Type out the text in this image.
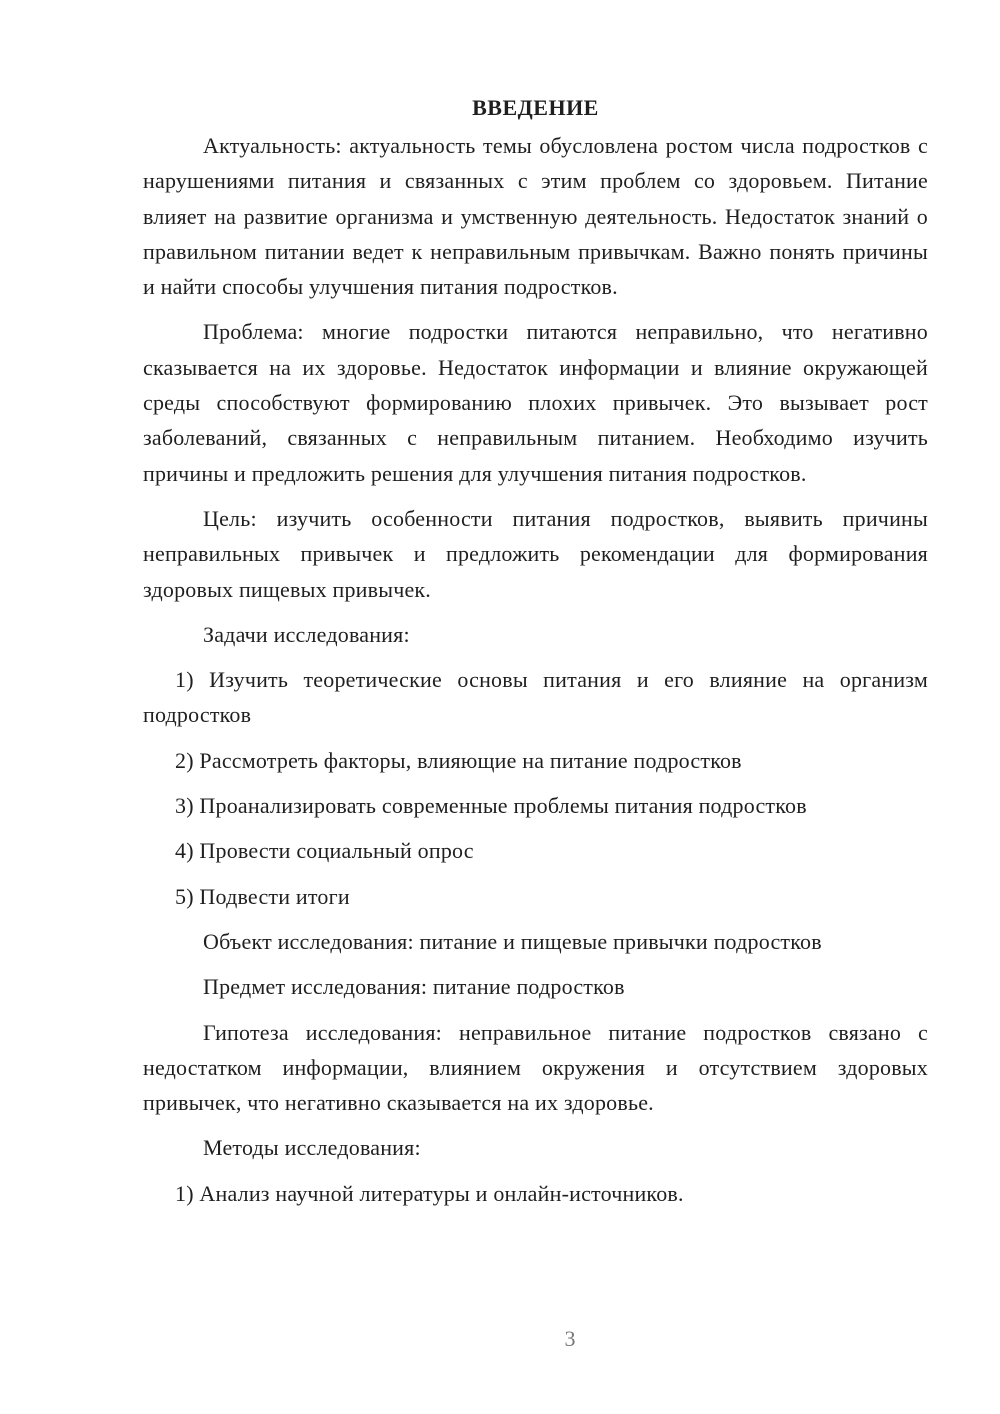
ВВЕДЕНИЕ

Актуальность: актуальность темы обусловлена ростом числа подростков с нарушениями питания и связанных с этим проблем со здоровьем. Питание влияет на развитие организма и умственную деятельность. Недостаток знаний о правильном питании ведет к неправильным привычкам. Важно понять причины и найти способы улучшения питания подростков.

Проблема: многие подростки питаются неправильно, что негативно сказывается на их здоровье. Недостаток информации и влияние окружающей среды способствуют формированию плохих привычек. Это вызывает рост заболеваний, связанных с неправильным питанием. Необходимо изучить причины и предложить решения для улучшения питания подростков.

Цель: изучить особенности питания подростков, выявить причины неправильных привычек и предложить рекомендации для формирования здоровых пищевых привычек.

Задачи исследования:

1) Изучить теоретические основы питания и его влияние на организм подростков

2) Рассмотреть факторы, влияющие на питание подростков

3) Проанализировать современные проблемы питания подростков

4) Провести социальный опрос

5) Подвести итоги

Объект исследования: питание и пищевые привычки подростков

Предмет исследования: питание подростков

Гипотеза исследования: неправильное питание подростков связано с недостатком информации, влиянием окружения и отсутствием здоровых привычек, что негативно сказывается на их здоровье.

Методы исследования:

1) Анализ научной литературы и онлайн-источников.

3
